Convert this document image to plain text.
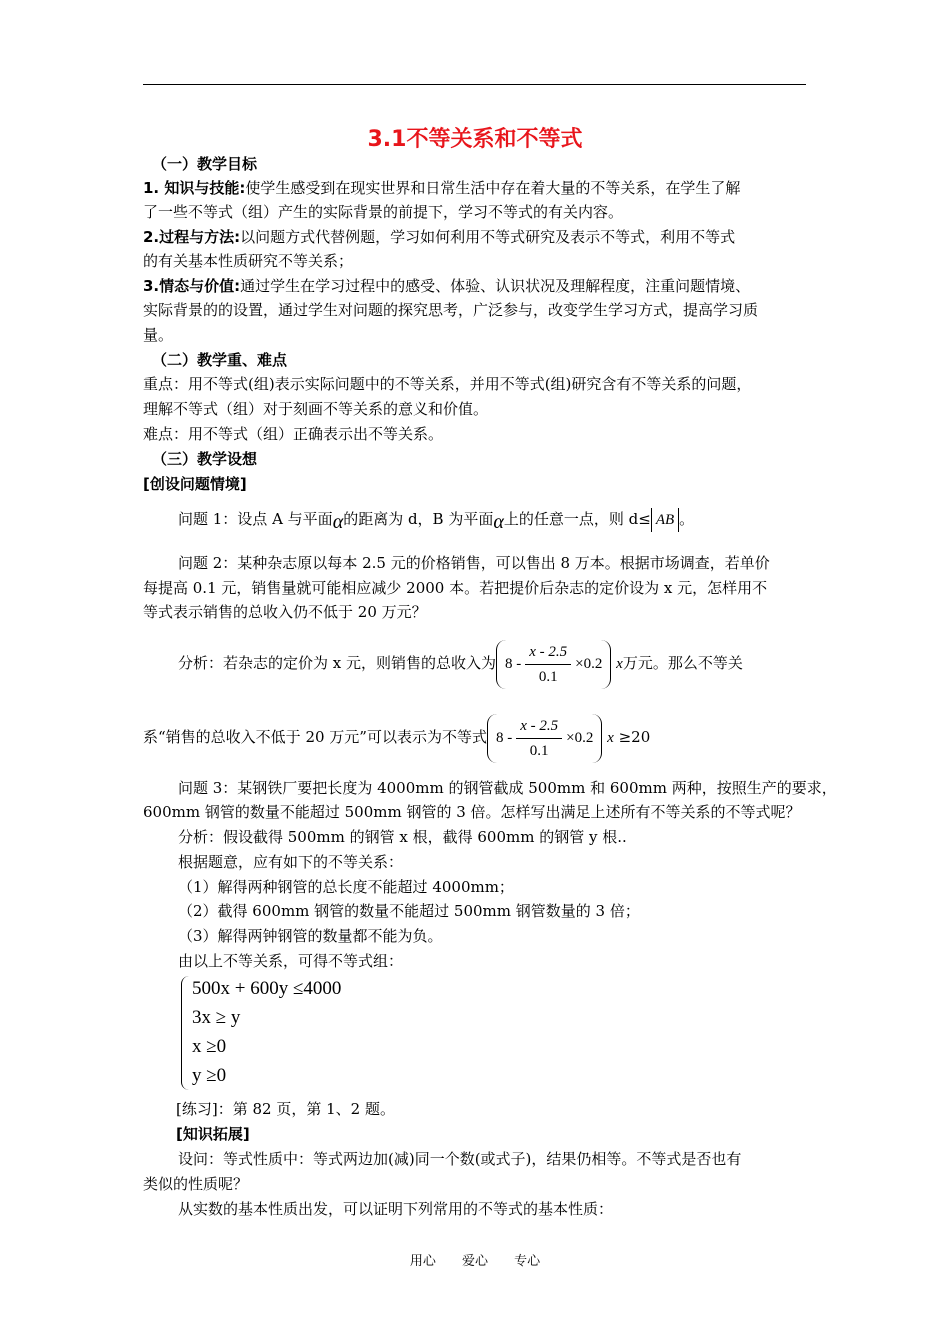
3.1不等关系和不等式
（一）教学目标
1. 知识与技能:使学生感受到在现实世界和日常生活中存在着大量的不等关系，在学生了解
了一些不等式（组）产生的实际背景的前提下，学习不等式的有关内容。
2.过程与方法:以问题方式代替例题，学习如何利用不等式研究及表示不等式，利用不等式
的有关基本性质研究不等关系；
3.情态与价值:通过学生在学习过程中的感受、体验、认识状况及理解程度，注重问题情境、
实际背景的的设置，通过学生对问题的探究思考，广泛参与，改变学生学习方式，提高学习质
量。
（二）教学重、难点
重点：用不等式(组)表示实际问题中的不等关系，并用不等式(组)研究含有不等关系的问题，
理解不等式（组）对于刻画不等关系的意义和价值。
难点：用不等式（组）正确表示出不等关系。
（三）教学设想
[创设问题情境]
问题 1：设点 A 与平面α的距离为 d，B 为平面α上的任意一点，则 d≤ AB 。
问题 2：某种杂志原以每本 2.5 元的价格销售，可以售出 8 万本。根据市场调查，若单价
每提高 0.1 元，销售量就可能相应减少 2000 本。若把提价后杂志的定价设为 x 元，怎样用不
等式表示销售的总收入仍不低于 20 万元？
分析：若杂志的定价为 x 元，则销售的总收入为 $8 - \frac{x - 2.5}{0.1} \times 0.2$ x万元。那么不等关
系“销售的总收入不低于 20 万元”可以表示为不等式 $8 - \frac{x - 2.5}{0.1} \times 0.2$ x ≥20
问题 3：某钢铁厂要把长度为 4000mm 的钢管截成 500mm 和 600mm 两种，按照生产的要求，
600mm 钢管的数量不能超过 500mm 钢管的 3 倍。怎样写出满足上述所有不等关系的不等式呢？
分析：假设截得 500mm 的钢管 x 根，截得 600mm 的钢管 y 根..
根据题意，应有如下的不等关系：
（1）解得两种钢管的总长度不能超过 4000mm；
（2）截得 600mm 钢管的数量不能超过 500mm 钢管数量的 3 倍；
（3）解得两钟钢管的数量都不能为负。
由以上不等关系，可得不等式组：
500x + 600y ≤4000
3x ≥ y
x ≥0
y ≥0
[练习]：第 82 页，第 1、2 题。
[知识拓展]
设问：等式性质中：等式两边加(减)同一个数(或式子)，结果仍相等。不等式是否也有
类似的性质呢？
从实数的基本性质出发，可以证明下列常用的不等式的基本性质：
用心 爱心 专心
